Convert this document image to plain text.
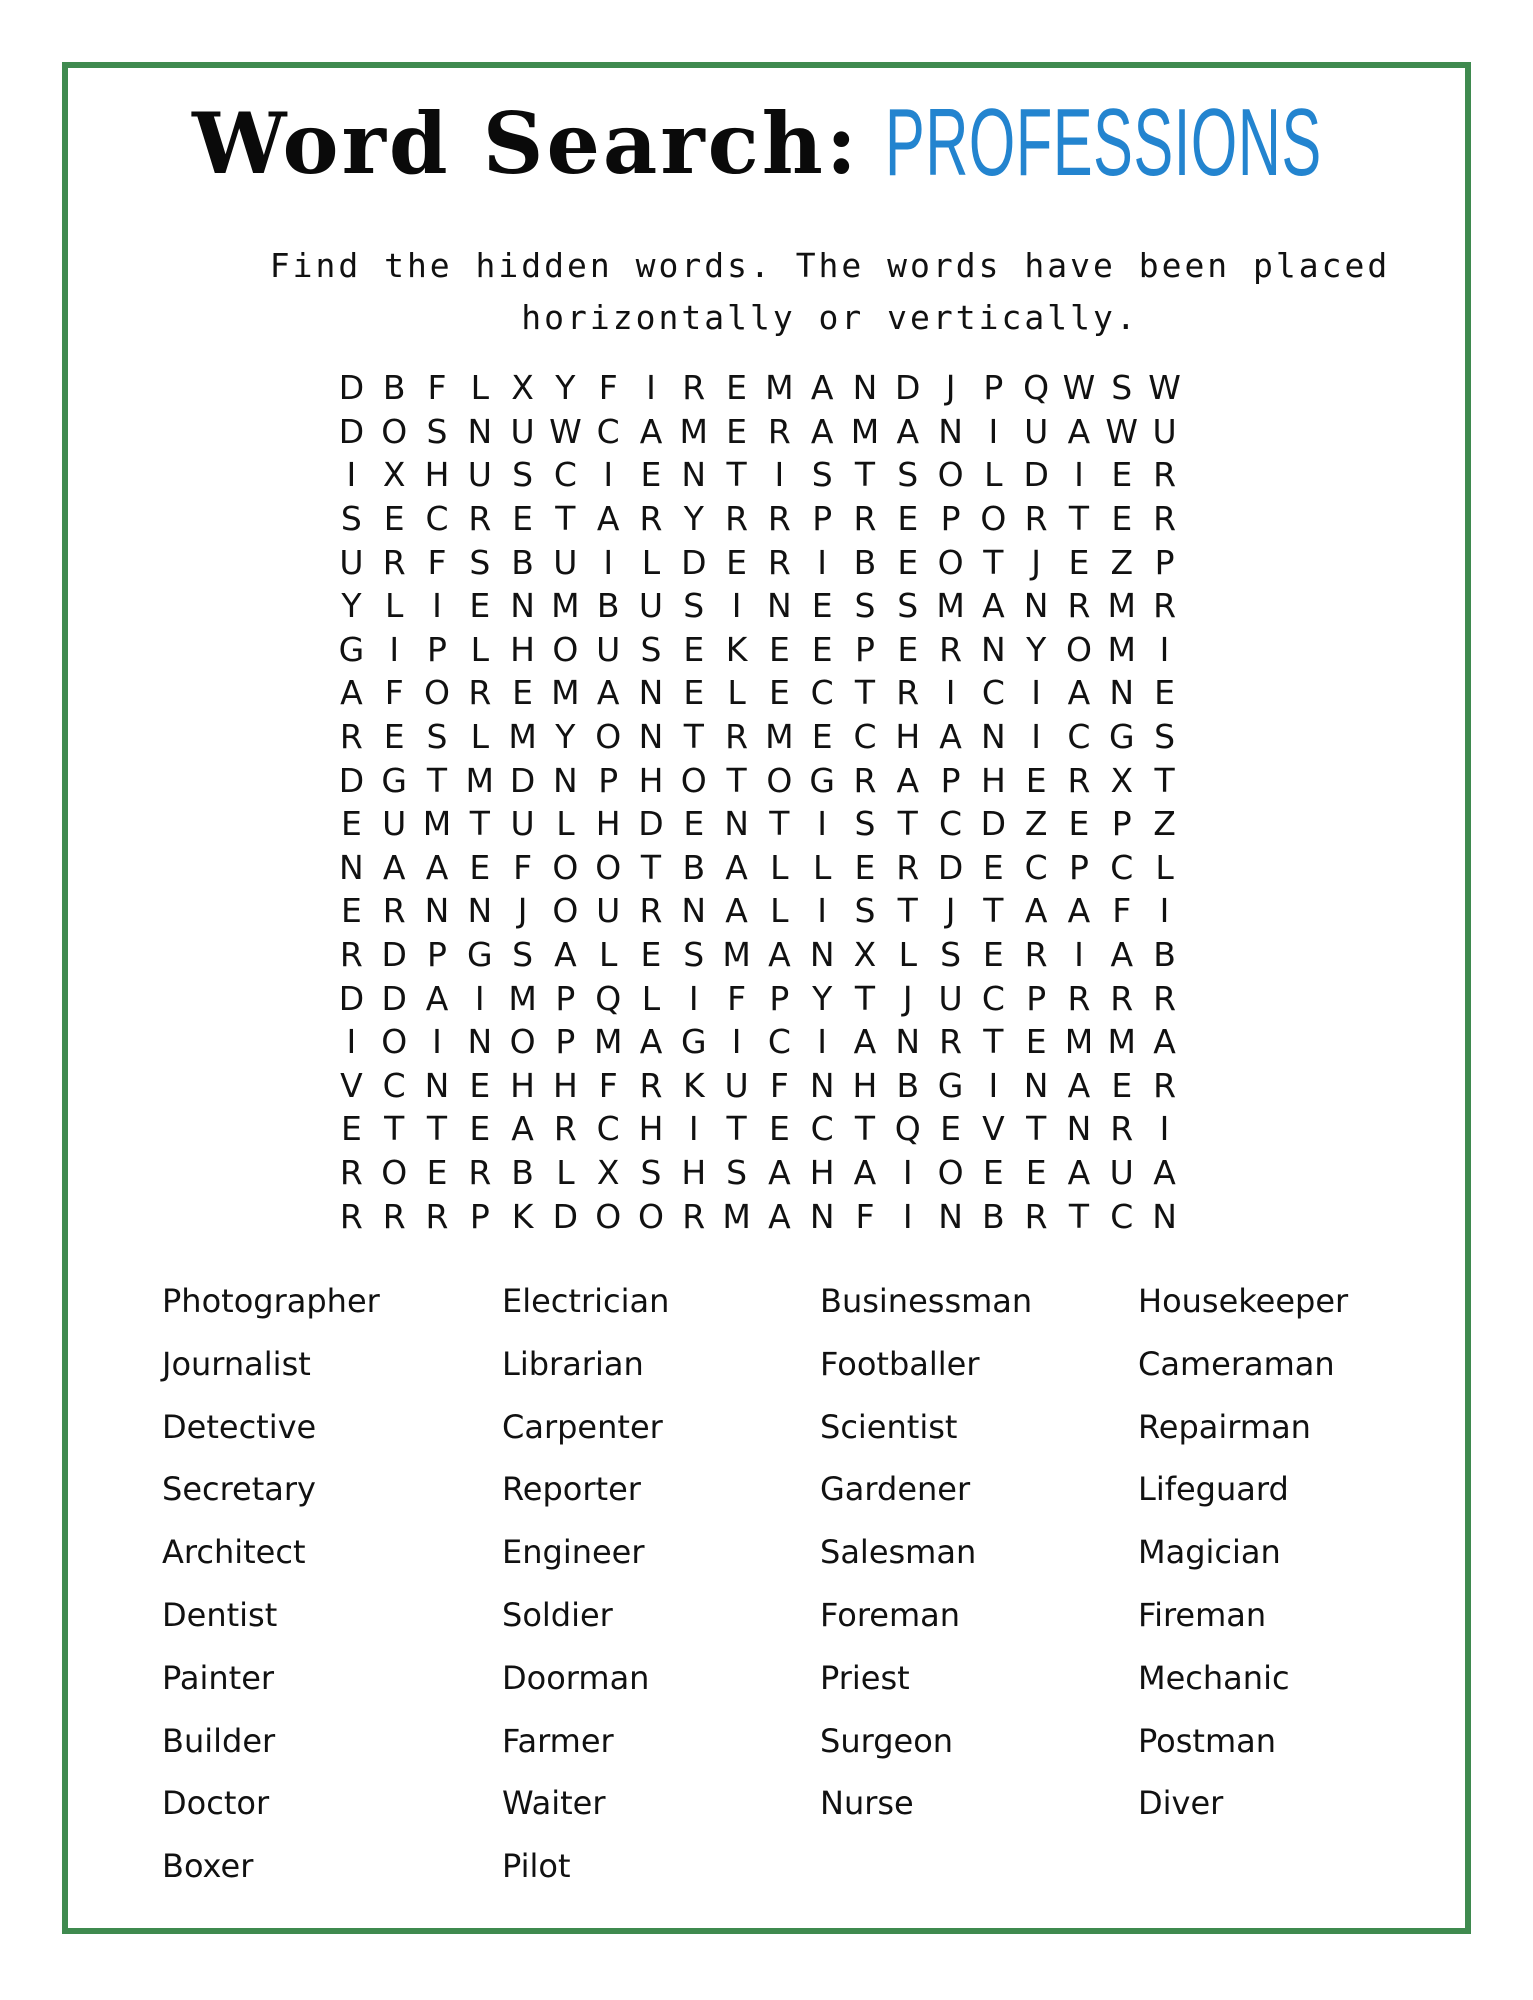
Word Search: PROFESSIONS
Find the hidden words. The words have been placed
horizontally or vertically.
D B F L X Y F I R E M A N D J P Q W S W
D O S N U W C A M E R A M A N I U A W U
I X H U S C I E N T I S T S O L D I E R
S E C R E T A R Y R R P R E P O R T E R
U R F S B U I L D E R I B E O T J E Z P
Y L I E N M B U S I N E S S M A N R M R
G I P L H O U S E K E E P E R N Y O M I
A F O R E M A N E L E C T R I C I A N E
R E S L M Y O N T R M E C H A N I C G S
D G T M D N P H O T O G R A P H E R X T
E U M T U L H D E N T I S T C D Z E P Z
N A A E F O O T B A L L E R D E C P C L
E R N N J O U R N A L I S T J T A A F I
R D P G S A L E S M A N X L S E R I A B
D D A I M P Q L I F P Y T J U C P R R R
I O I N O P M A G I C I A N R T E M M A
V C N E H H F R K U F N H B G I N A E R
E T T E A R C H I T E C T Q E V T N R I
R O E R B L X S H S A H A I O E E A U A
R R R P K D O O R M A N F I N B R T C N
Photographer
Journalist
Detective
Secretary
Architect
Dentist
Painter
Builder
Doctor
Boxer
Electrician
Librarian
Carpenter
Reporter
Engineer
Soldier
Doorman
Farmer
Waiter
Pilot
Businessman
Footballer
Scientist
Gardener
Salesman
Foreman
Priest
Surgeon
Nurse
Housekeeper
Cameraman
Repairman
Lifeguard
Magician
Fireman
Mechanic
Postman
Diver
